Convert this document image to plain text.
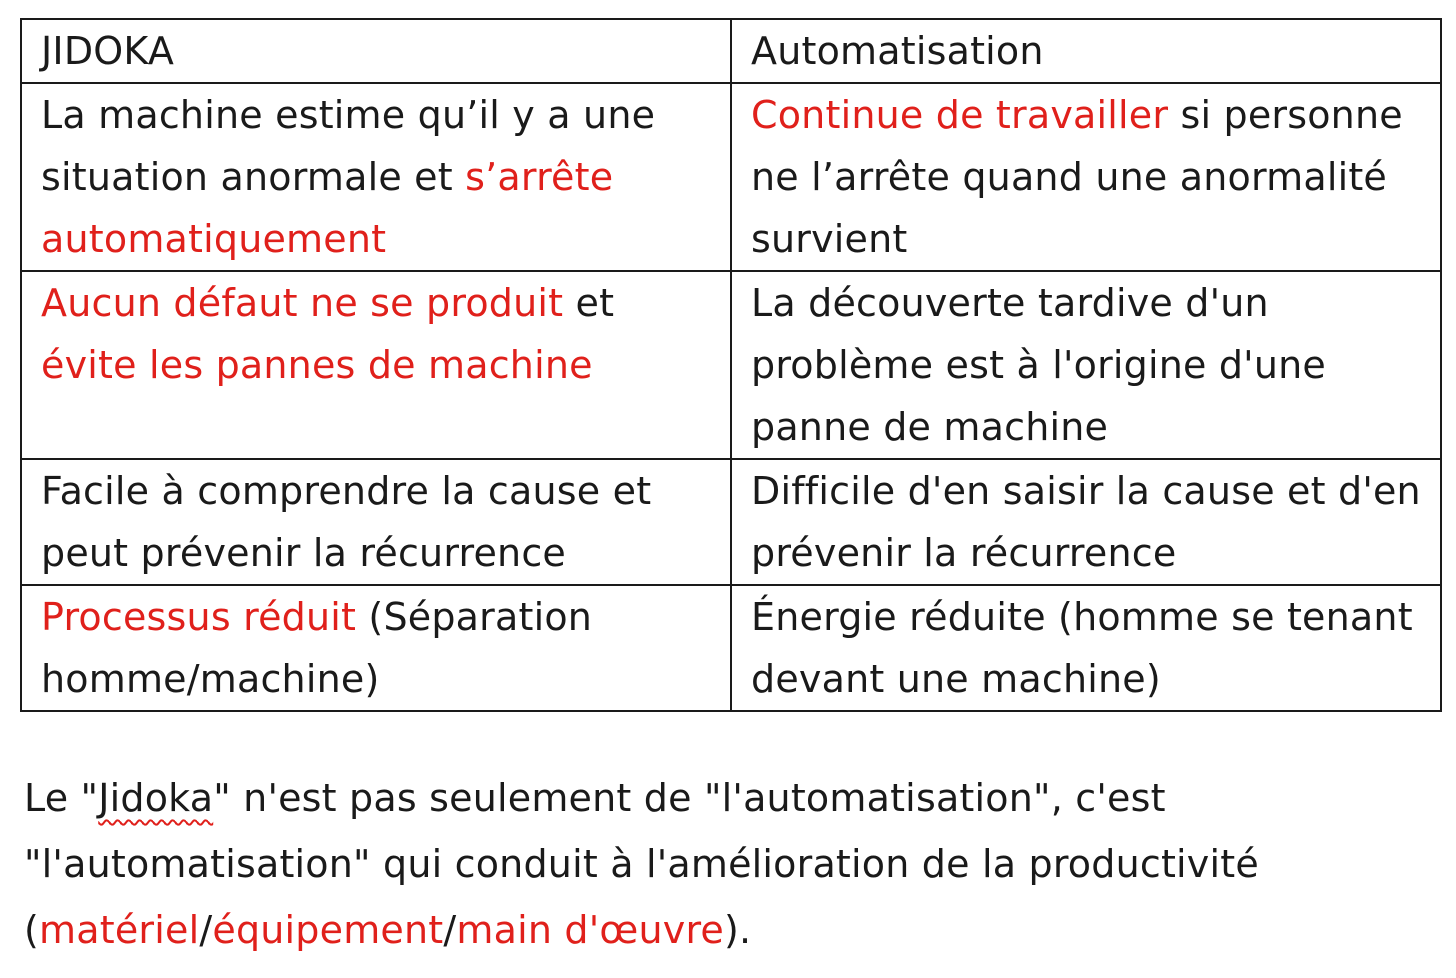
JIDOKA	Automatisation
La machine estime qu’il y a une situation anormale et s’arrête automatiquement	Continue de travailler si personne ne l’arrête quand une anormalité survient
Aucun défaut ne se produit et évite les pannes de machine	La découverte tardive d'un problème est à l'origine d'une panne de machine
Facile à comprendre la cause et peut prévenir la récurrence	Difficile d'en saisir la cause et d'en prévenir la récurrence
Processus réduit (Séparation homme/machine)	Énergie réduite (homme se tenant devant une machine)

Le "Jidoka" n'est pas seulement de "l'automatisation", c'est "l'automatisation" qui conduit à l'amélioration de la productivité (matériel/équipement/main d'œuvre).
